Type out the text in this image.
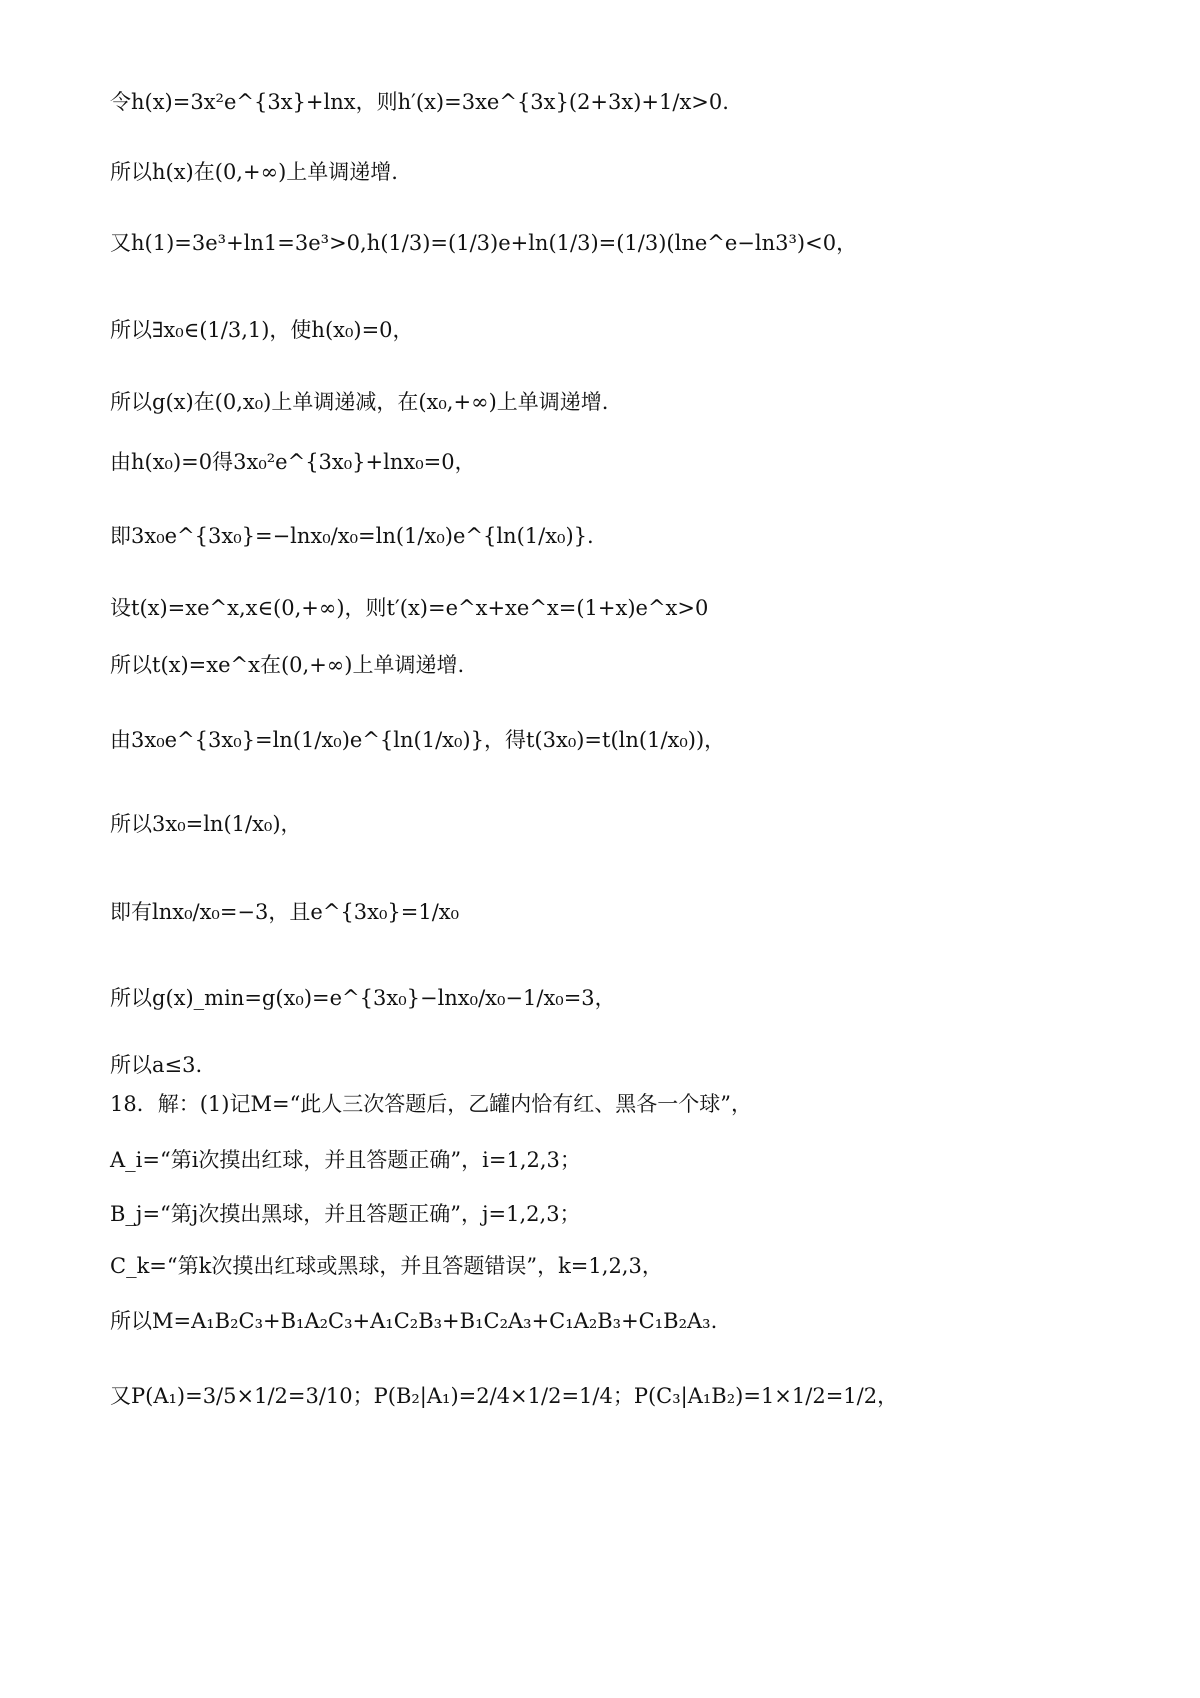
令h(x)=3x²e^{3x}+lnx，则h′(x)=3xe^{3x}(2+3x)+1/x>0.
所以h(x)在(0,+∞)上单调递增.
又h(1)=3e³+ln1=3e³>0,h(1/3)=(1/3)e+ln(1/3)=(1/3)(lne^e−ln3³)<0，
所以∃x₀∈(1/3,1)，使h(x₀)=0，
所以g(x)在(0,x₀)上单调递减，在(x₀,+∞)上单调递增.
由h(x₀)=0得3x₀²e^{3x₀}+lnx₀=0，
即3x₀e^{3x₀}=−lnx₀/x₀=ln(1/x₀)e^{ln(1/x₀)}.
设t(x)=xe^x,x∈(0,+∞)，则t′(x)=e^x+xe^x=(1+x)e^x>0
所以t(x)=xe^x在(0,+∞)上单调递增.
由3x₀e^{3x₀}=ln(1/x₀)e^{ln(1/x₀)}，得t(3x₀)=t(ln(1/x₀))，
所以3x₀=ln(1/x₀)，
即有lnx₀/x₀=−3，且e^{3x₀}=1/x₀
所以g(x)_min=g(x₀)=e^{3x₀}−lnx₀/x₀−1/x₀=3，
所以a≤3.
18．解：(1)记M=“此人三次答题后，乙罐内恰有红、黑各一个球”，
A_i=“第i次摸出红球，并且答题正确”，i=1,2,3；
B_j=“第j次摸出黑球，并且答题正确”，j=1,2,3；
C_k=“第k次摸出红球或黑球，并且答题错误”，k=1,2,3，
所以M=A₁B₂C₃+B₁A₂C₃+A₁C₂B₃+B₁C₂A₃+C₁A₂B₃+C₁B₂A₃.
又P(A₁)=3/5×1/2=3/10；P(B₂|A₁)=2/4×1/2=1/4；P(C₃|A₁B₂)=1×1/2=1/2，
